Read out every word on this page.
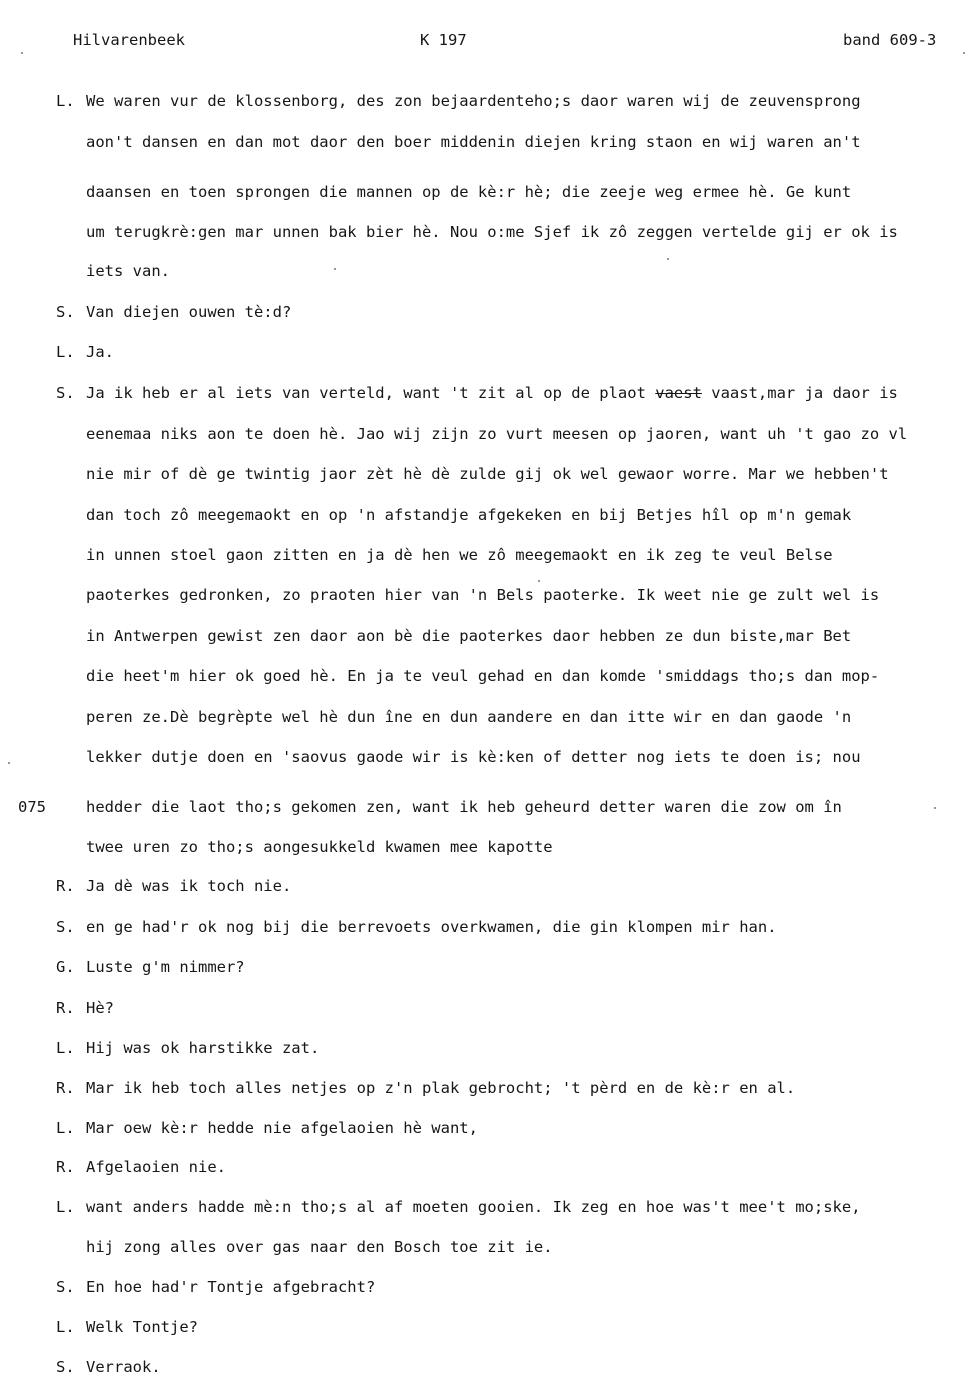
Hilvarenbeek	K 197	band 609-3
L. We waren vur de klossenborg, des zon bejaardenteho;s daor waren wij de zeuvensprong
aon't dansen en dan mot daor den boer middenin diejen kring staon en wij waren an't
daansen en toen sprongen die mannen op de kè:r hè; die zeeje weg ermee hè. Ge kunt
um terugkrè:gen mar unnen bak bier hè. Nou o:me Sjef ik zô zeggen vertelde gij er ok is
iets van.
S. Van diejen ouwen tè:d?
L. Ja.
S. Ja ik heb er al iets van verteld, want 't zit al op de plaot vaest vaast,mar ja daor is
eenemaa niks aon te doen hè. Jao wij zijn zo vurt meesen op jaoren, want uh 't gao zo vl
nie mir of dè ge twintig jaor zèt hè dè zulde gij ok wel gewaor worre. Mar we hebben't
dan toch zô meegemaokt en op 'n afstandje afgekeken en bij Betjes hîl op m'n gemak
in unnen stoel gaon zitten en ja dè hen we zô meegemaokt en ik zeg te veul Belse
paoterkes gedronken, zo praoten hier van 'n Bels paoterke. Ik weet nie ge zult wel is
in Antwerpen gewist zen daor aon bè die paoterkes daor hebben ze dun biste,mar Bet
die heet'm hier ok goed hè. En ja te veul gehad en dan komde 'smiddags tho;s dan mop-
peren ze.Dè begrèpte wel hè dun îne en dun aandere en dan itte wir en dan gaode 'n
lekker dutje doen en 'saovus gaode wir is kè:ken of detter nog iets te doen is; nou
075	hedder die laot tho;s gekomen zen, want ik heb geheurd detter waren die zow om în
twee uren zo tho;s aongesukkeld kwamen mee kapotte
R. Ja dè was ik toch nie.
S. en ge had'r ok nog bij die berrevoets overkwamen, die gin klompen mir han.
G. Luste g'm nimmer?
R. Hè?
L. Hij was ok harstikke zat.
R. Mar ik heb toch alles netjes op z'n plak gebrocht; 't pèrd en de kè:r en al.
L. Mar oew kè:r hedde nie afgelaoien hè want,
R. Afgelaoien nie.
L. want anders hadde mè:n tho;s al af moeten gooien. Ik zeg en hoe was't mee't mo;ske,
hij zong alles over gas naar den Bosch toe zit ie.
S. En hoe had'r Tontje afgebracht?
L. Welk Tontje?
S. Verraok.
